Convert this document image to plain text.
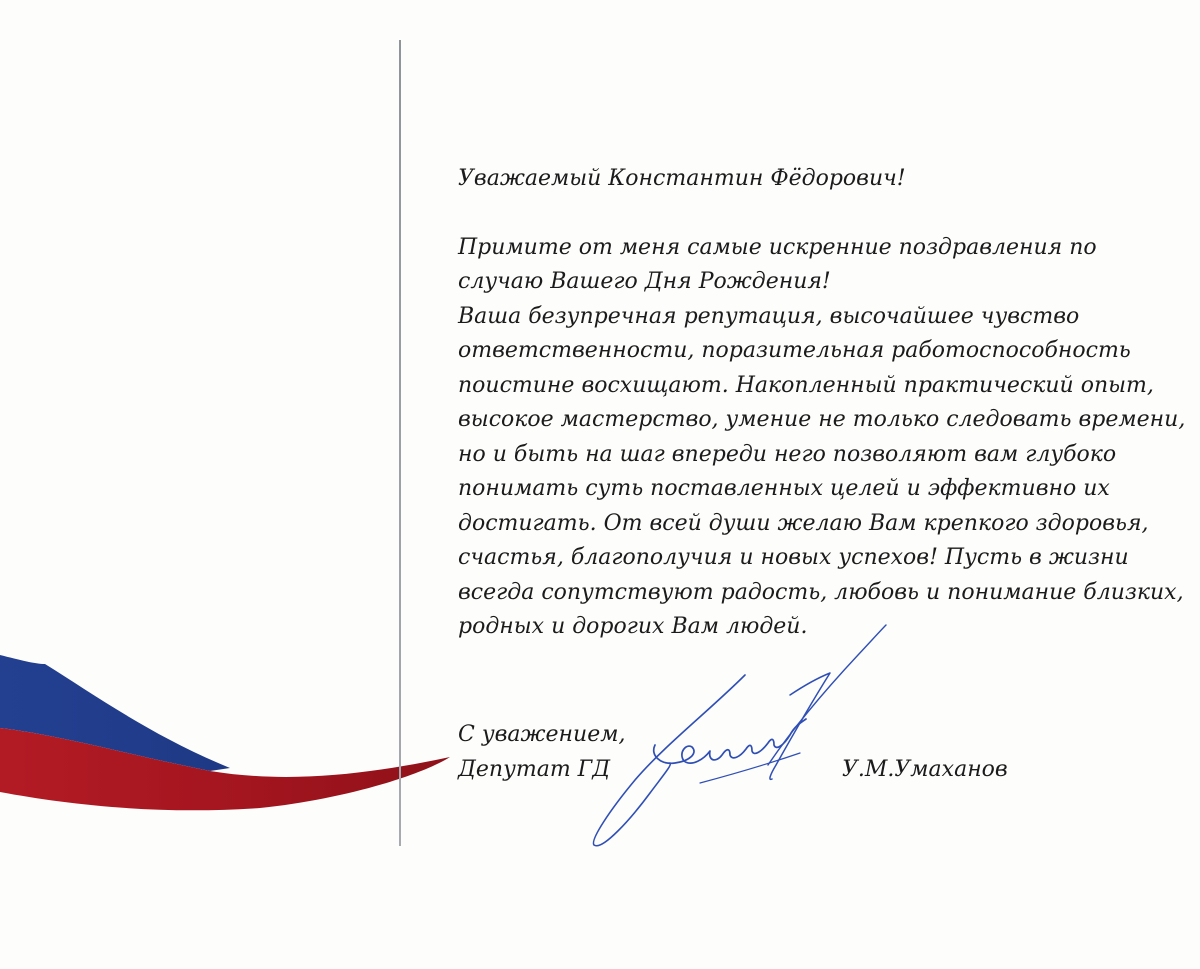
Уважаемый Константин Фёдорович!

Примите от меня самые искренние поздравления по
случаю Вашего Дня Рождения!
Ваша безупречная репутация, высочайшее чувство
ответственности, поразительная работоспособность
поистине восхищают. Накопленный практический опыт,
высокое мастерство, умение не только следовать времени,
но и быть на шаг впереди него позволяют вам глубоко
понимать суть поставленных целей и эффективно их
достигать. От всей души желаю Вам крепкого здоровья,
счастья, благополучия и новых успехов! Пусть в жизни
всегда сопутствуют радость, любовь и понимание близких,
родных и дорогих Вам людей.
С уважением,
Депутат ГД	У.М.Умаханов
